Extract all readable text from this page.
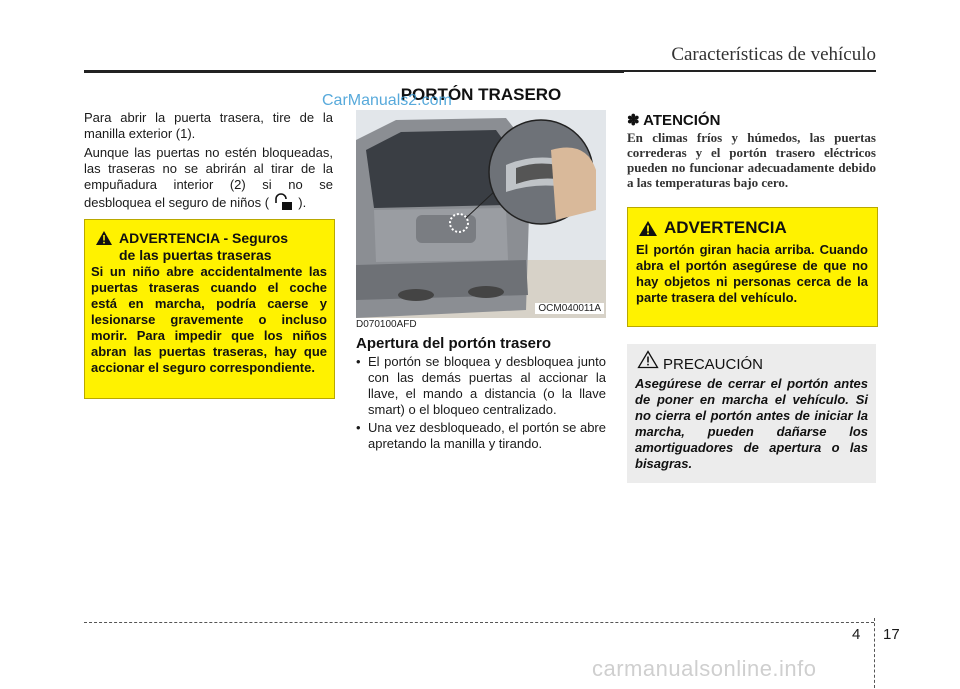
Características de vehículo
PORTÓN TRASERO
CarManuals2.com
Para abrir la puerta trasera, tire de la manilla exterior (1).
Aunque las puertas no estén bloqueadas, las traseras no se abrirán al tirar de la empuñadura interior (2) si no se desbloquea el seguro de niños ( ).
ADVERTENCIA - Seguros
de las puertas traseras
Si un niño abre accidentalmente las puertas traseras cuando el coche está en marcha, podría caerse y lesionarse gravemente o incluso morir. Para impedir que los niños abran las puertas traseras, hay que accionar el seguro correspondiente.
OCM040011A
D070100AFD
Apertura del portón trasero
• El portón se bloquea y desbloquea junto con las demás puertas al accionar la llave, el mando a distancia (o la llave smart) o el bloqueo centralizado.
• Una vez desbloqueado, el portón se abre apretando la manilla y tirando.
✽ ATENCIÓN
En climas fríos y húmedos, las puertas correderas y el portón trasero eléctricos pueden no funcionar adecuadamente debido a las temperaturas bajo cero.
ADVERTENCIA
El portón giran hacia arriba. Cuando abra el portón asegúrese de que no hay objetos ni personas cerca de la parte trasera del vehículo.
PRECAUCIÓN
Asegúrese de cerrar el portón antes de poner en marcha el vehículo. Si no cierra el portón antes de iniciar la marcha, pueden dañarse los amortiguadores de apertura o las bisagras.
4 17
carmanualsonline.info
